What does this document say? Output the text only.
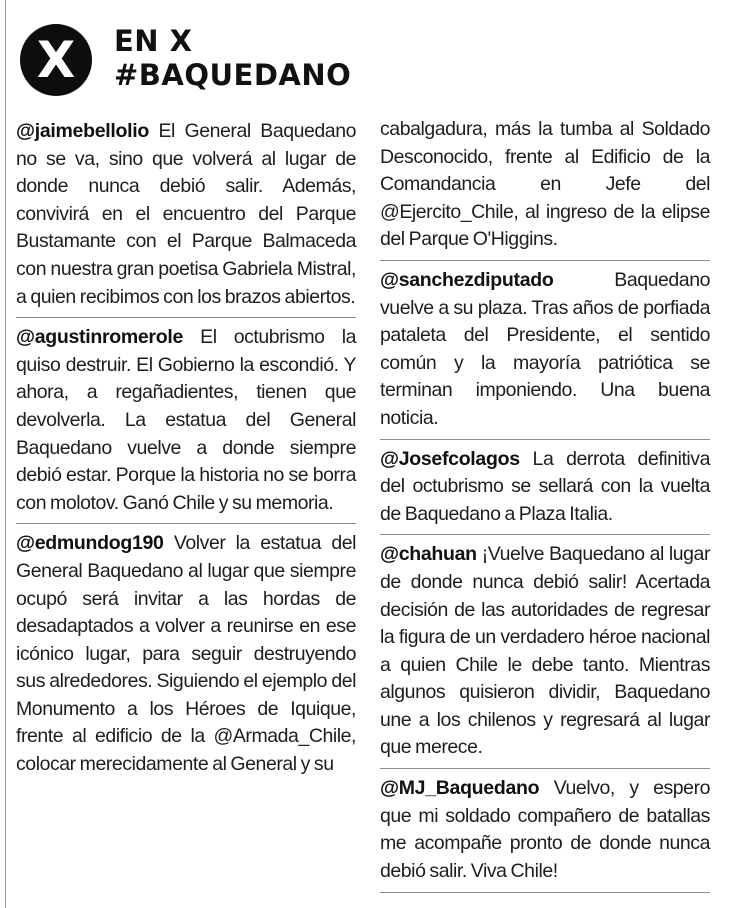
X	EN X
#BAQUEDANO
@jaimebellolio El General Baquedano no se va, sino que volverá al lugar de donde nunca debió salir. Además, convivirá en el encuentro del Parque Bustamante con el Parque Balmaceda con nuestra gran poetisa Gabriela Mistral, a quien recibimos con los brazos abiertos.
@agustinromerole El octubrismo la quiso destruir. El Gobierno la escondió. Y ahora, a regañadientes, tienen que devolverla. La estatua del General Baquedano vuelve a donde siempre debió estar. Porque la historia no se borra con molotov. Ganó Chile y su memoria.
@edmundog190 Volver la estatua del General Baquedano al lugar que siempre ocupó será invitar a las hordas de desadaptados a volver a reunirse en ese icónico lugar, para seguir destruyendo sus alrededores. Siguiendo el ejemplo del Monumento a los Héroes de Iquique, frente al edificio de la @Armada_Chile, colocar merecidamente al General y su
cabalgadura, más la tumba al Soldado Desconocido, frente al Edificio de la Comandancia en Jefe del @Ejercito_Chile, al ingreso de la elipse del Parque O'Higgins.
@sanchezdiputado	Baquedano vuelve a su plaza. Tras años de porfiada pataleta del Presidente, el sentido común y la mayoría patriótica se terminan imponiendo. Una buena noticia.
@Josefcolagos La derrota definitiva del octubrismo se sellará con la vuelta de Baquedano a Plaza Italia.
@chahuan ¡Vuelve Baquedano al lugar de donde nunca debió salir! Acertada decisión de las autoridades de regresar la figura de un verdadero héroe nacional a quien Chile le debe tanto. Mientras algunos quisieron dividir, Baquedano une a los chilenos y regresará al lugar que merece.
@MJ_Baquedano Vuelvo, y espero que mi soldado compañero de batallas me acompañe pronto de donde nunca debió salir. Viva Chile!
